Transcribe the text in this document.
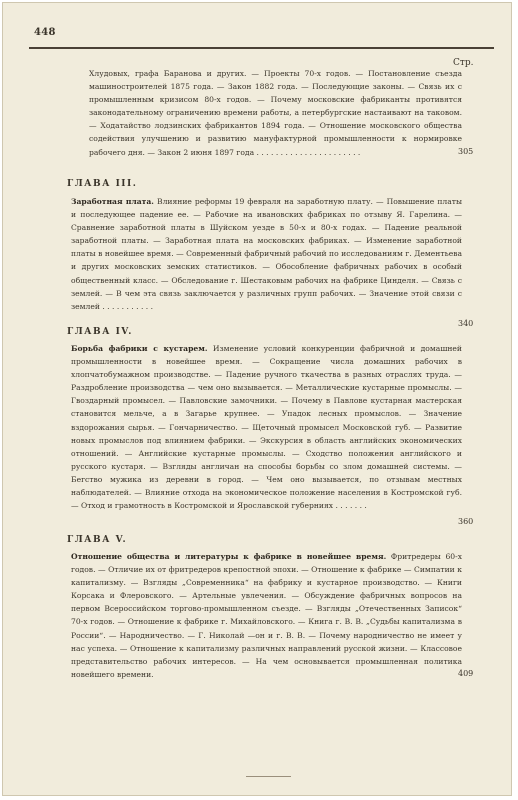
448
Стр.
Хлудовых, графа Баранова и других. — Проекты 70-х годов. — Постановление съезда машиностроителей 1875 года. — Закон 1882 года. — Последующие законы. — Связь их с промышленным кризисом 80-х годов. — Почему московские фабриканты противятся законодательному ограничению времени работы, а петербургские настаивают на таковом. — Ходатайство лодзинских фабрикантов 1894 года. — Отношение московского общества содействия улучшению и развитию мануфактурной промышленности к нормировке рабочего дня. — Закон 2 июня 1897 года . . . . . . . . . . . . . . . . . . . . . .	305
ГЛАВА III.
Заработная плата. Влияние реформы 19 февраля на заработную плату. — Повышение платы и последующее падение ее. — Рабочие на ивановских фабриках по отзыву Я. Гарелина. — Сравнение заработной платы в Шуйском уезде в 50-х и 80-х годах. — Падение реальной заработной платы. — Заработная плата на московских фабриках. — Изменение заработной платы в новейшее время. — Современный фабричный рабочий по исследованиям г. Дементьева и других московских земских статистиков. — Обособление фабричных рабочих в особый общественный класс. — Обследование г. Шестаковым рабочих на фабрике Цинделя. — Связь с землей. — В чем эта связь заключается у различных групп рабочих. — Значение этой связи с землей . . . . . . . . . . .
340
ГЛАВА IV.
Борьба фабрики с кустарем. Изменение условий конкуренции фабричной и домашней промышленности в новейшее время. — Сокращение числа домашних рабочих в хлопчатобумажном производстве. — Падение ручного ткачества в разных отраслях труда. — Раздробление производства — чем оно вызывается. — Металлические кустарные промыслы. — Гвоздарный промысел. — Павловские замочники. — Почему в Павлове кустарная мастерская становится мельче, а в Загарье крупнее. — Упадок лесных промыслов. — Значение вздорожания сырья. — Гончарничество. — Щеточный промысел Московской губ. — Развитие новых промыслов под влиянием фабрики. — Экскурсия в область английских экономических отношений. — Английские кустарные промыслы. — Сходство положения английского и русского кустаря. — Взгляды англичан на способы борьбы со злом домашней системы. — Бегство мужика из деревни в город. — Чем оно вызывается, по отзывам местных наблюдателей. — Влияние отхода на экономическое положение населения в Костромской губ. — Отход и грамотность в Костромской и Ярославской губерниях . . . . . . .
360
ГЛАВА V.
Отношение общества и литературы к фабрике в новейшее время. Фритредеры 60-х годов. — Отличие их от фритредеров крепостной эпохи. — Отношение к фабрике — Симпатии к капитализму. — Взгляды „Современника“ на фабрику и кустарное производство. — Книги Корсака и Флеровского. — Артельные увлечения. — Обсуждение фабричных вопросов на первом Всероссийском торгово-промышленном съезде. — Взгляды „Отечественных Записок“ 70-х годов. — Отношение к фабрике г. Михайловского. — Книга г. В. В. „Судьбы капитализма в России“. — Народничество. — Г. Николай —он и г. В. В. — Почему народничество не имеет у нас успеха. — Отношение к капитализму различных направлений русской жизни. — Классовое представительство рабочих интересов. — На чем основывается промышленная политика новейшего времени.	409
